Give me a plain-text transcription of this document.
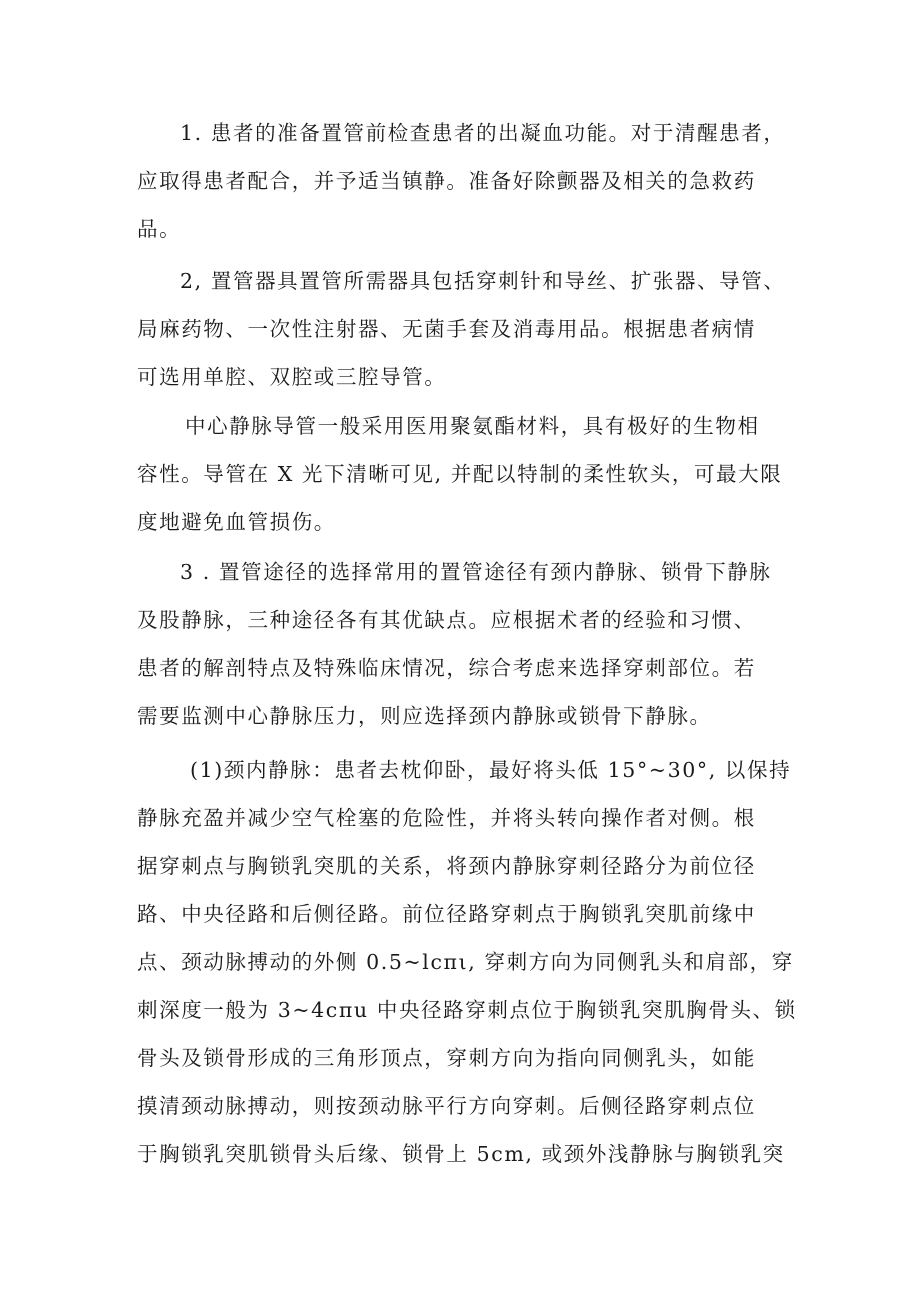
1. 患者的准备置管前检查患者的出凝血功能。对于清醒患者，

应取得患者配合，并予适当镇静。准备好除颤器及相关的急救药

品。

2, 置管器具置管所需器具包括穿刺针和导丝、扩张器、导管、

局麻药物、一次性注射器、无菌手套及消毒用品。根据患者病情

可选用单腔、双腔或三腔导管。

中心静脉导管一般采用医用聚氨酯材料，具有极好的生物相

容性。导管在 X 光下清晰可见, 并配以特制的柔性软头，可最大限

度地避免血管损伤。

3 . 置管途径的选择常用的置管途径有颈内静脉、锁骨下静脉

及股静脉，三种途径各有其优缺点。应根据术者的经验和习惯、

患者的解剖特点及特殊临床情况，综合考虑来选择穿刺部位。若

需要监测中心静脉压力，则应选择颈内静脉或锁骨下静脉。

(1)颈内静脉：患者去枕仰卧，最好将头低 15°~30°, 以保持

静脉充盈并减少空气栓塞的危险性，并将头转向操作者对侧。根

据穿刺点与胸锁乳突肌的关系，将颈内静脉穿刺径路分为前位径

路、中央径路和后侧径路。前位径路穿刺点于胸锁乳突肌前缘中

点、颈动脉搏动的外侧 0.5~lcπι, 穿刺方向为同侧乳头和肩部，穿

刺深度一般为 3~4cπu 中央径路穿刺点位于胸锁乳突肌胸骨头、锁

骨头及锁骨形成的三角形顶点，穿刺方向为指向同侧乳头，如能

摸清颈动脉搏动，则按颈动脉平行方向穿刺。后侧径路穿刺点位

于胸锁乳突肌锁骨头后缘、锁骨上 5cm, 或颈外浅静脉与胸锁乳突
